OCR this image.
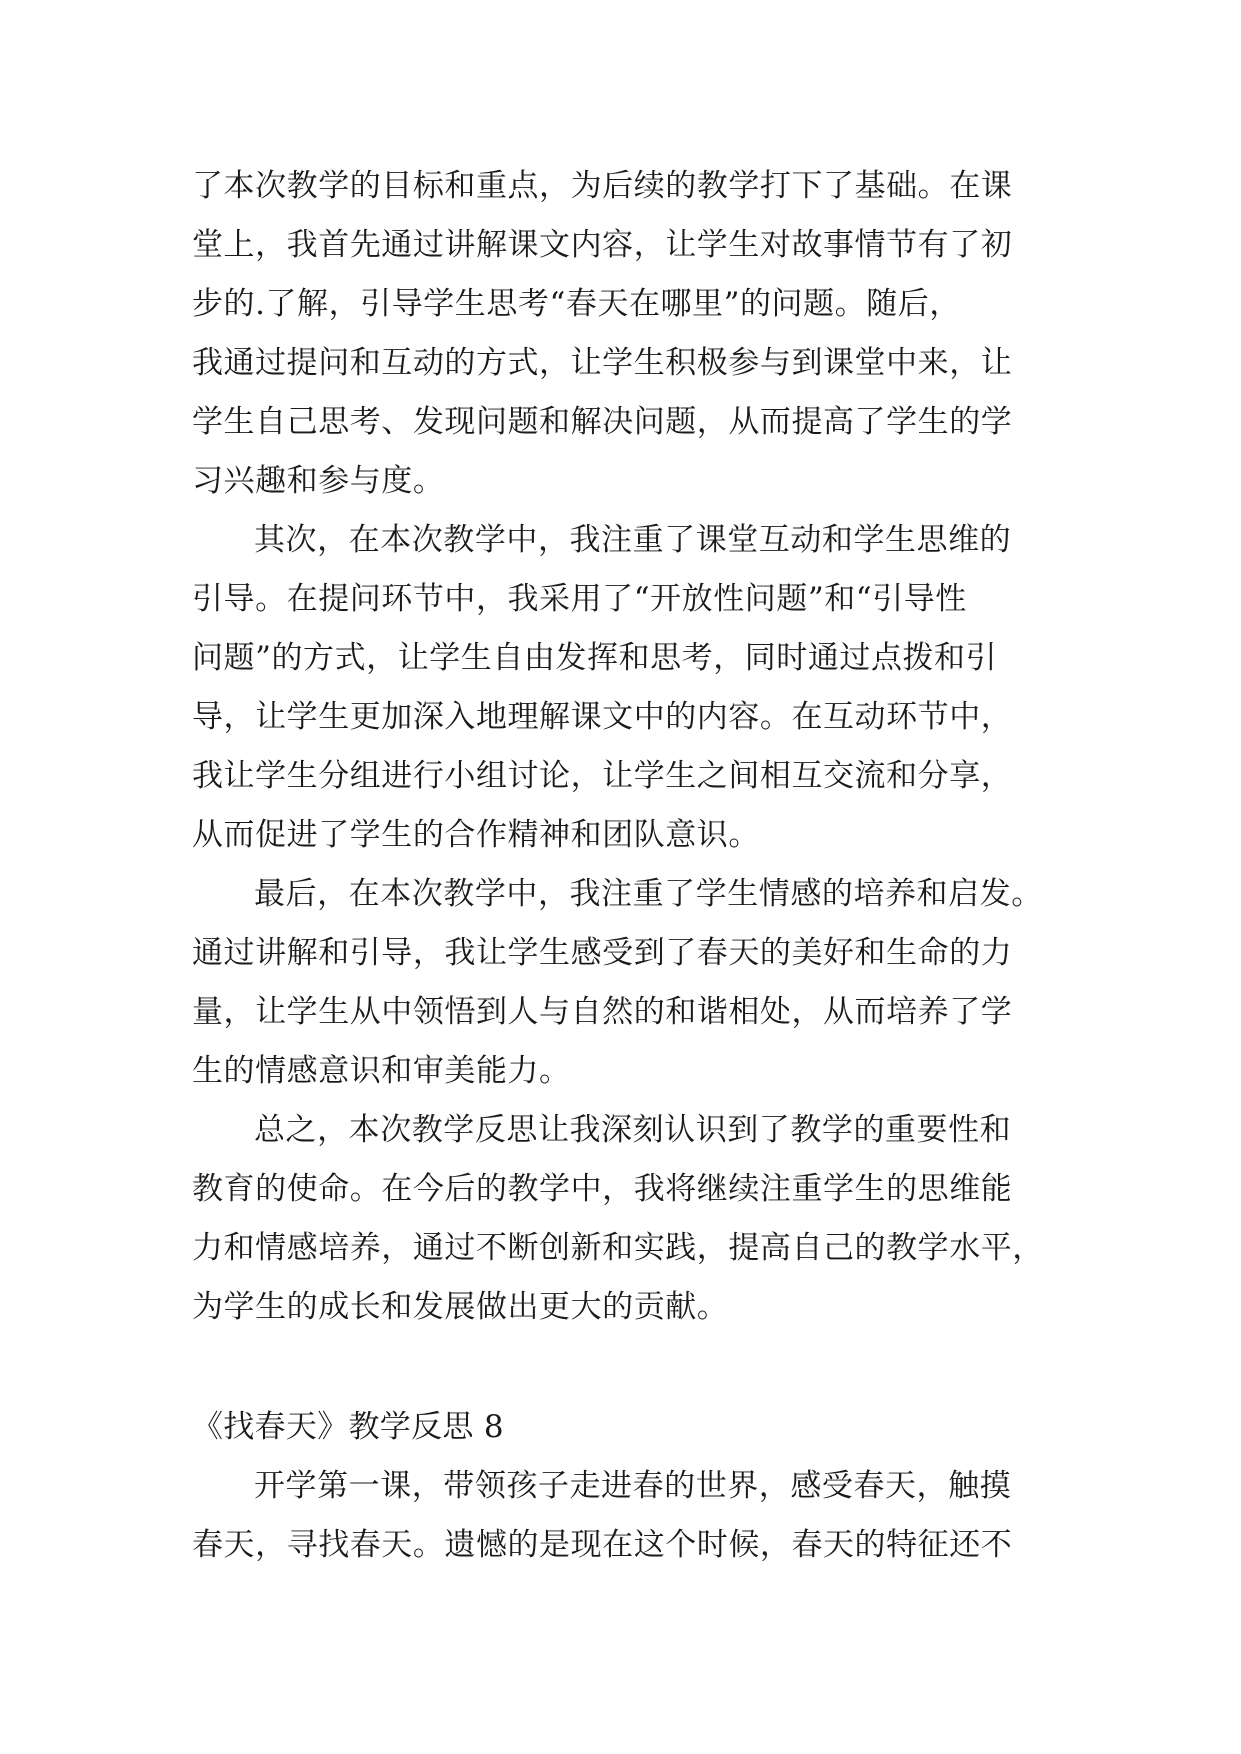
了本次教学的目标和重点，为后续的教学打下了基础。在课
堂上，我首先通过讲解课文内容，让学生对故事情节有了初
步的.了解，引导学生思考“春天在哪里”的问题。随后，
我通过提问和互动的方式，让学生积极参与到课堂中来，让
学生自己思考、发现问题和解决问题，从而提高了学生的学
习兴趣和参与度。
其次，在本次教学中，我注重了课堂互动和学生思维的
引导。在提问环节中，我采用了“开放性问题”和“引导性
问题”的方式，让学生自由发挥和思考，同时通过点拨和引
导，让学生更加深入地理解课文中的内容。在互动环节中，
我让学生分组进行小组讨论，让学生之间相互交流和分享，
从而促进了学生的合作精神和团队意识。
最后，在本次教学中，我注重了学生情感的培养和启发。
通过讲解和引导，我让学生感受到了春天的美好和生命的力
量，让学生从中领悟到人与自然的和谐相处，从而培养了学
生的情感意识和审美能力。
总之，本次教学反思让我深刻认识到了教学的重要性和
教育的使命。在今后的教学中，我将继续注重学生的思维能
力和情感培养，通过不断创新和实践，提高自己的教学水平，
为学生的成长和发展做出更大的贡献。
《找春天》教学反思 8
开学第一课，带领孩子走进春的世界，感受春天，触摸
春天，寻找春天。遗憾的是现在这个时候，春天的特征还不
